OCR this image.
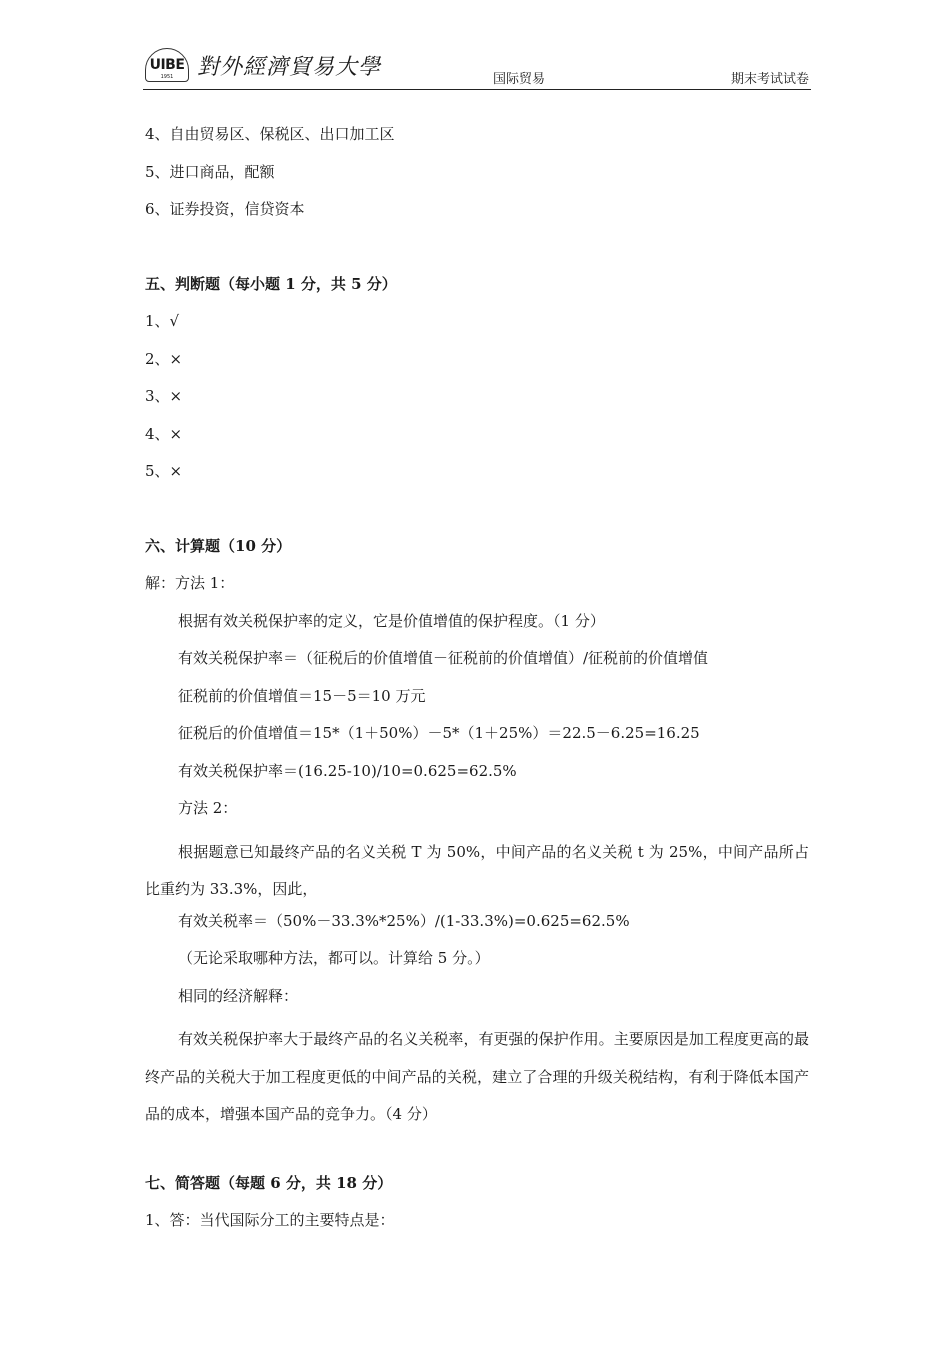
UIBE
1951 對外經濟貿易大學	国际贸易	期末考试试卷
4、自由贸易区、保税区、出口加工区
5、进口商品，配额
6、证券投资，信贷资本
五、判断题（每小题 1 分，共 5 分）
1、√
2、×
3、×
4、×
5、×
六、计算题（10 分）
解：方法 1：
根据有效关税保护率的定义，它是价值增值的保护程度。（1 分）
有效关税保护率＝（征税后的价值增值－征税前的价值增值）/征税前的价值增值
征税前的价值增值＝15－5＝10 万元
征税后的价值增值＝15*（1＋50%）－5*（1＋25%）＝22.5－6.25=16.25
有效关税保护率＝(16.25-10)/10=0.625=62.5%
方法 2：
根据题意已知最终产品的名义关税 T 为 50%，中间产品的名义关税 t 为 25%，中间产品所占比重约为 33.3%，因此，
有效关税率＝（50%－33.3%*25%）/(1-33.3%)=0.625=62.5%
（无论采取哪种方法，都可以。计算给 5 分。）
相同的经济解释：
有效关税保护率大于最终产品的名义关税率，有更强的保护作用。主要原因是加工程度更高的最终产品的关税大于加工程度更低的中间产品的关税，建立了合理的升级关税结构，有利于降低本国产品的成本，增强本国产品的竞争力。（4 分）
七、简答题（每题 6 分，共 18 分）
1、答：当代国际分工的主要特点是：
